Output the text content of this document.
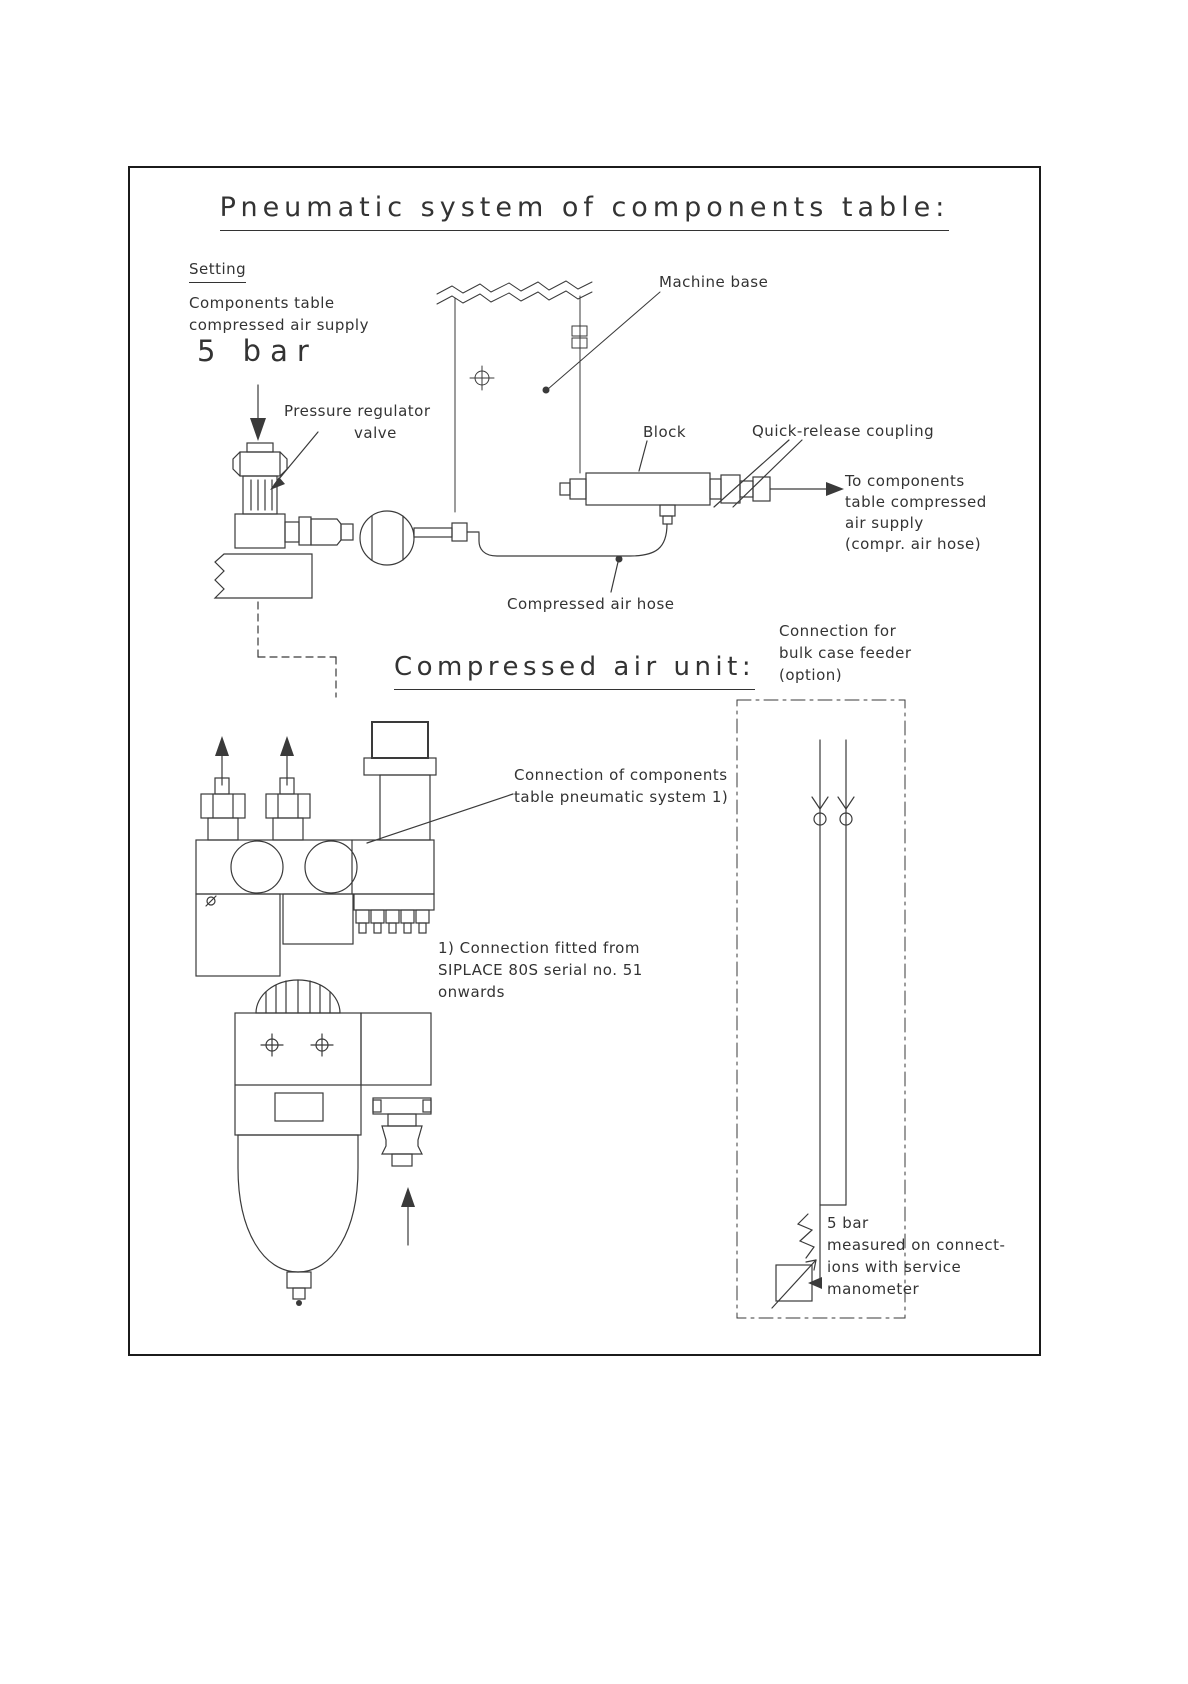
Pneumatic system of components table:
Setting
Components table
compressed air supply
5 bar
Pressure regulator
valve
Machine base
Block	Quick-release coupling
To components
table compressed
air supply
(compr. air hose)
Compressed air hose
Compressed air unit:
Connection for
bulk case feeder
(option)
Connection of components
table pneumatic system 1)
1) Connection fitted from
SIPLACE 80S serial no. 51
onwards
5 bar
measured on connect-
ions with service
manometer
